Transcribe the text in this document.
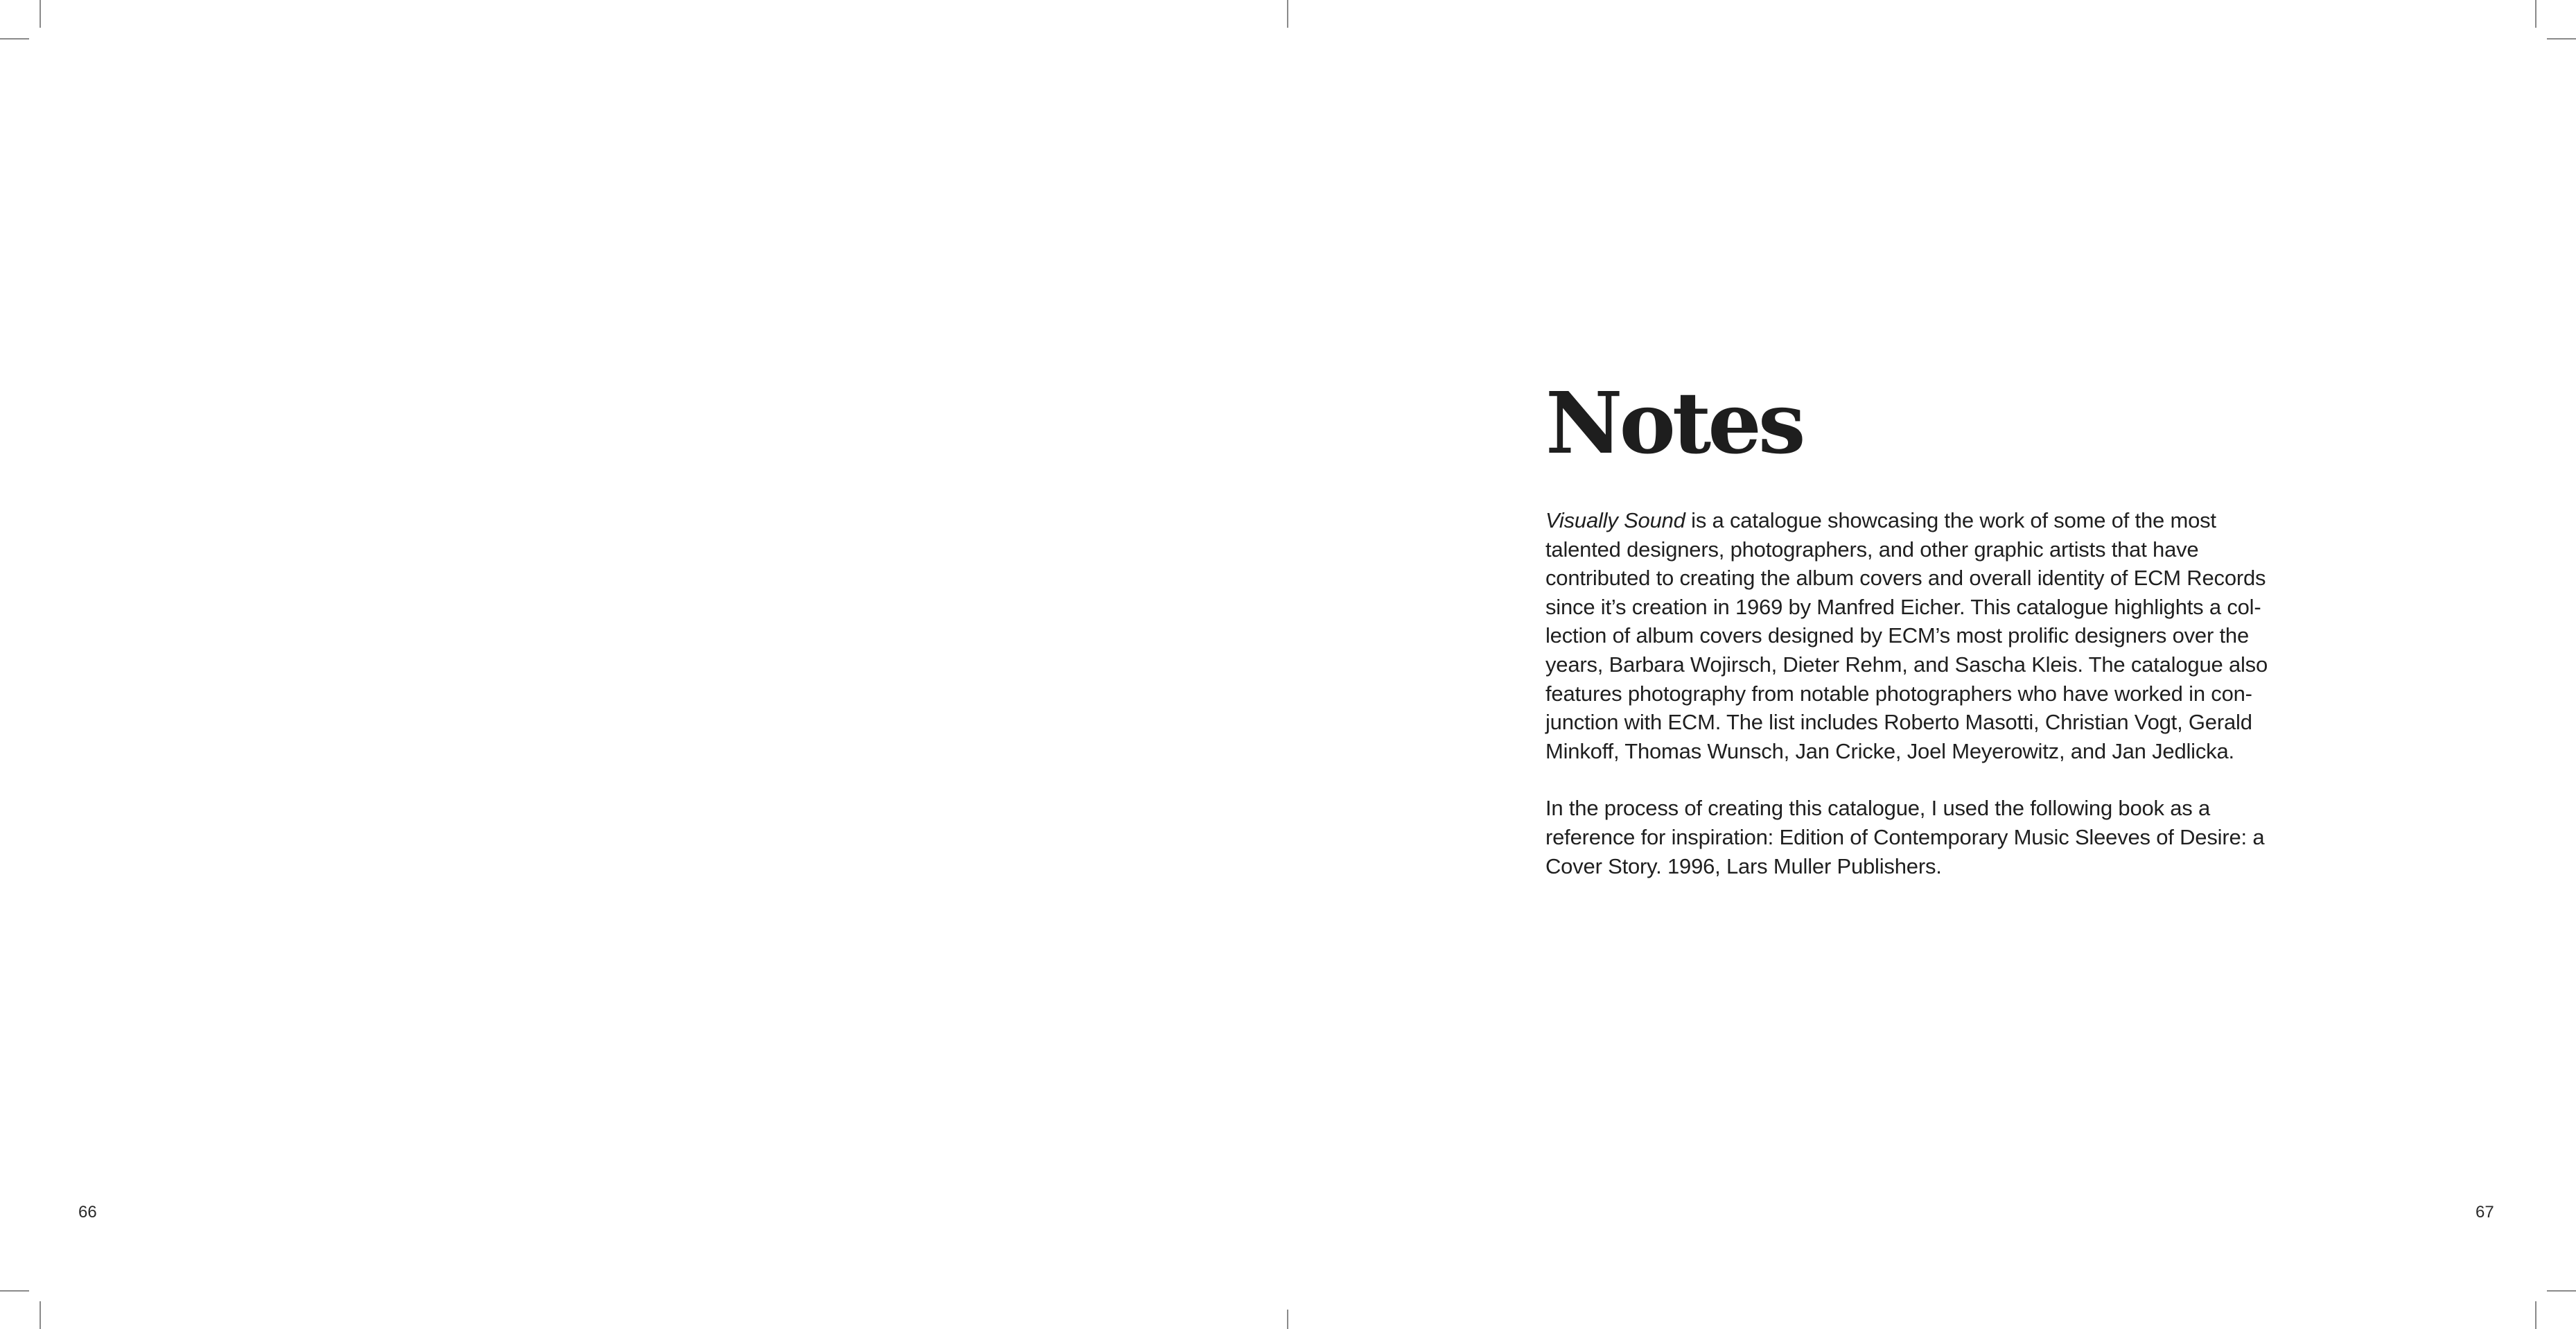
66	67
Notes

Visually Sound is a catalogue showcasing the work of some of the most
talented designers, photographers, and other graphic artists that have
contributed to creating the album covers and overall identity of ECM Records
since it’s creation in 1969 by Manfred Eicher. This catalogue highlights a col-
lection of album covers designed by ECM’s most prolific designers over the
years, Barbara Wojirsch, Dieter Rehm, and Sascha Kleis. The catalogue also
features photography from notable photographers who have worked in con-
junction with ECM. The list includes Roberto Masotti, Christian Vogt, Gerald
Minkoff, Thomas Wunsch, Jan Cricke, Joel Meyerowitz, and Jan Jedlicka.

In the process of creating this catalogue, I used the following book as a
reference for inspiration: Edition of Contemporary Music Sleeves of Desire: a
Cover Story. 1996, Lars Muller Publishers.
